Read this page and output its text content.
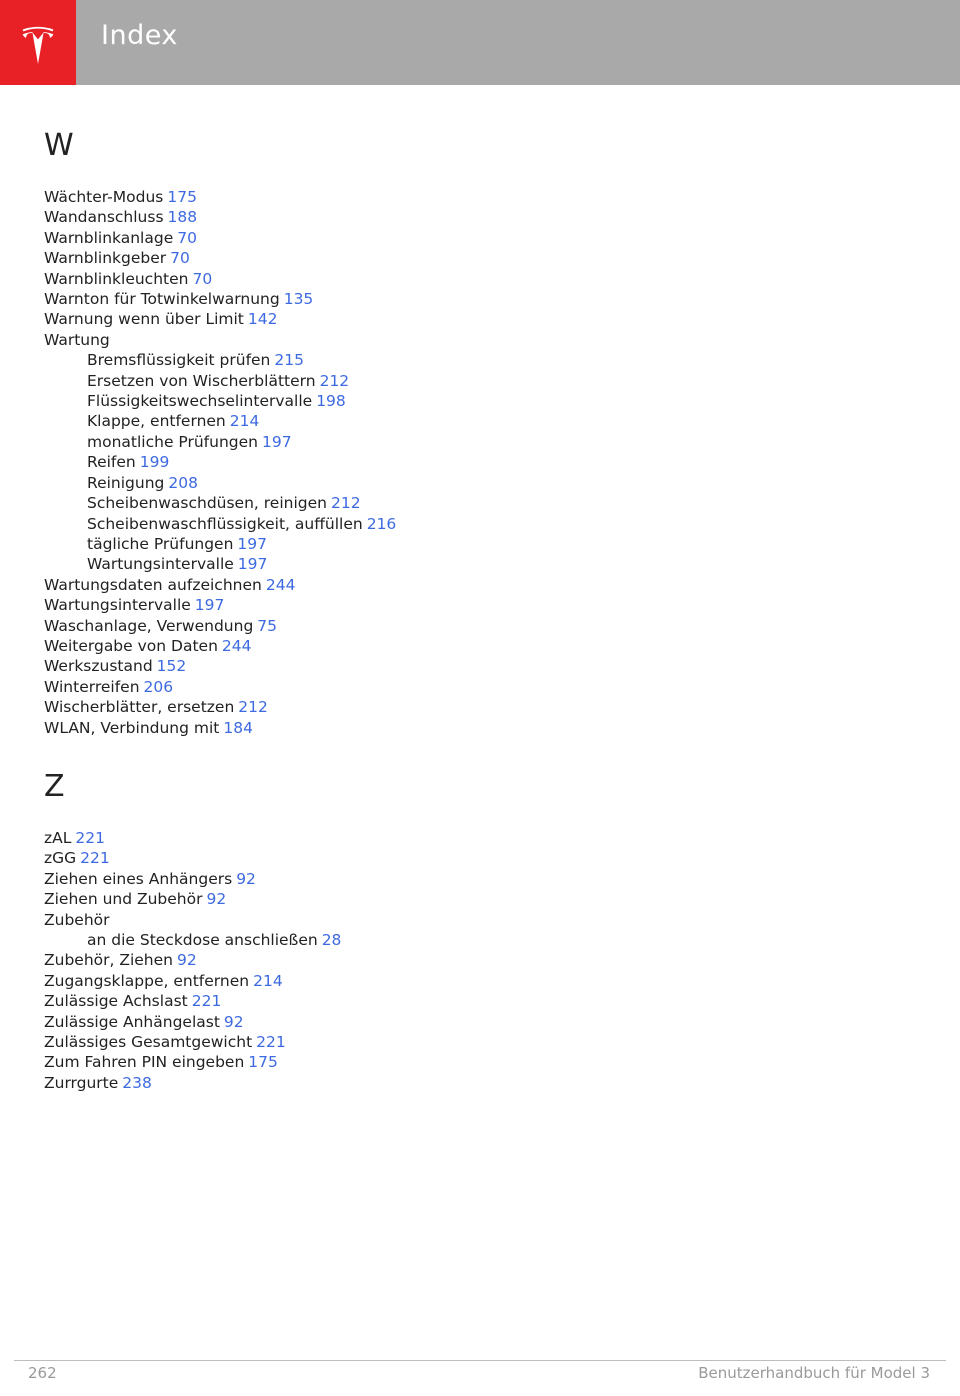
Index
W
Wächter-Modus 175
Wandanschluss 188
Warnblinkanlage 70
Warnblinkgeber 70
Warnblinkleuchten 70
Warnton für Totwinkelwarnung 135
Warnung wenn über Limit 142
Wartung
Bremsflüssigkeit prüfen 215
Ersetzen von Wischerblättern 212
Flüssigkeitswechselintervalle 198
Klappe, entfernen 214
monatliche Prüfungen 197
Reifen 199
Reinigung 208
Scheibenwaschdüsen, reinigen 212
Scheibenwaschflüssigkeit, auffüllen 216
tägliche Prüfungen 197
Wartungsintervalle 197
Wartungsdaten aufzeichnen 244
Wartungsintervalle 197
Waschanlage, Verwendung 75
Weitergabe von Daten 244
Werkszustand 152
Winterreifen 206
Wischerblätter, ersetzen 212
WLAN, Verbindung mit 184
Z
zAL 221
zGG 221
Ziehen eines Anhängers 92
Ziehen und Zubehör 92
Zubehör
an die Steckdose anschließen 28
Zubehör, Ziehen 92
Zugangsklappe, entfernen 214
Zulässige Achslast 221
Zulässige Anhängelast 92
Zulässiges Gesamtgewicht 221
Zum Fahren PIN eingeben 175
Zurrgurte 238
262	Benutzerhandbuch für Model 3
